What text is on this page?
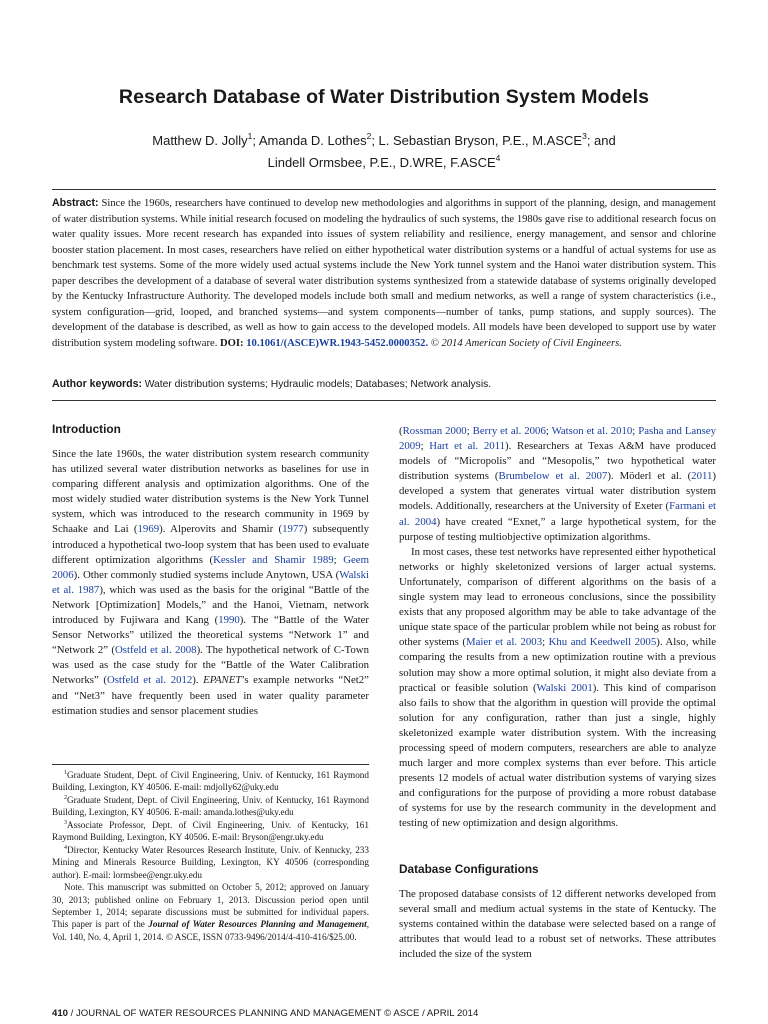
Research Database of Water Distribution System Models
Matthew D. Jolly$^1$; Amanda D. Lothes$^2$; L. Sebastian Bryson, P.E., M.ASCE$^3$; and
Lindell Ormsbee, P.E., D.WRE, F.ASCE$^4$
Abstract: Since the 1960s, researchers have continued to develop new methodologies and algorithms in support of the planning, design, and management of water distribution systems. While initial research focused on modeling the hydraulics of such systems, the 1980s gave rise to additional research focus on water quality issues. More recent research has expanded into issues of system reliability and resilience, energy management, and sensor and chlorine booster station placement. In most cases, researchers have relied on either hypothetical water distribution systems or a handful of actual systems for use as benchmark test systems. Some of the more widely used actual systems include the New York tunnel system and the Hanoi water distribution system. This paper describes the development of a database of several water distribution systems synthesized from a statewide database of systems originally developed by the Kentucky Infrastructure Authority. The developed models include both small and medium networks, as well a range of system characteristics (i.e., system configuration—grid, looped, and branched systems—and system components—number of tanks, pump stations, and supply sources). The development of the database is described, as well as how to gain access to the developed models. All models have been developed to support use by water distribution system modeling software. DOI: 10.1061/(ASCE)WR.1943-5452.0000352. © 2014 American Society of Civil Engineers.
Author keywords: Water distribution systems; Hydraulic models; Databases; Network analysis.
Introduction

Since the late 1960s, the water distribution system research community has utilized several water distribution networks as baselines for use in comparing different analysis and optimization algorithms. One of the most widely studied water distribution systems is the New York Tunnel system, which was introduced to the research community in 1969 by Schaake and Lai (1969). Alperovits and Shamir (1977) subsequently introduced a hypothetical two-loop system that has been used to evaluate different optimization algorithms (Kessler and Shamir 1989; Geem 2006). Other commonly studied systems include Anytown, USA (Walski et al. 1987), which was used as the basis for the original “Battle of the Network [Optimization] Models,” and the Hanoi, Vietnam, network introduced by Fujiwara and Kang (1990). The “Battle of the Water Sensor Networks” utilized the theoretical systems “Network 1” and “Network 2” (Ostfeld et al. 2008). The hypothetical network of C-Town was used as the case study for the “Battle of the Water Calibration Networks” (Ostfeld et al. 2012). EPANET’s example networks “Net2” and “Net3” have frequently been used in water quality parameter estimation studies and sensor placement studies

$^1$Graduate Student, Dept. of Civil Engineering, Univ. of Kentucky, 161 Raymond Building, Lexington, KY 40506. E-mail: mdjolly62@uky.edu

$^2$Graduate Student, Dept. of Civil Engineering, Univ. of Kentucky, 161 Raymond Building, Lexington, KY 40506. E-mail: amanda.lothes@uky.edu

$^3$Associate Professor, Dept. of Civil Engineering, Univ. of Kentucky, 161 Raymond Building, Lexington, KY 40506. E-mail: Bryson@engr.uky.edu

$^4$Director, Kentucky Water Resources Research Institute, Univ. of Kentucky, 233 Mining and Minerals Resource Building, Lexington, KY 40506 (corresponding author). E-mail: lormsbee@engr.uky.edu

Note. This manuscript was submitted on October 5, 2012; approved on January 30, 2013; published online on February 1, 2013. Discussion period open until September 1, 2014; separate discussions must be submitted for individual papers. This paper is part of the Journal of Water Resources Planning and Management, Vol. 140, No. 4, April 1, 2014. © ASCE, ISSN 0733-9496/2014/4-410-416/$25.00.

(Rossman 2000; Berry et al. 2006; Watson et al. 2010; Pasha and Lansey 2009; Hart et al. 2011). Researchers at Texas A&M have produced models of “Micropolis” and “Mesopolis,” two hypothetical water distribution systems (Brumbelow et al. 2007). Möderl et al. (2011) developed a system that generates virtual water distribution system models. Additionally, researchers at the University of Exeter (Farmani et al. 2004) have created “Exnet,” a large hypothetical system, for the purpose of testing multiobjective optimization algorithms.

In most cases, these test networks have represented either hypothetical networks or highly skeletonized versions of larger actual systems. Unfortunately, comparison of different algorithms on the basis of a single system may lead to erroneous conclusions, since the possibility exists that any proposed algorithm may be able to take advantage of the unique state space of the particular problem while not being as robust for other systems (Maier et al. 2003; Khu and Keedwell 2005). Also, while comparing the results from a new optimization routine with a previous solution may show a more optimal solution, it might also deviate from a practical or feasible solution (Walski 2001). This kind of comparison also fails to show that the algorithm in question will provide the optimal solution for any configuration, rather than just a single, highly skeletonized example water distribution system. With the increasing processing speed of modern computers, researchers are able to analyze much larger and more complex systems than ever before. This article presents 12 models of actual water distribution systems of varying sizes and configurations for the purpose of providing a more robust database of systems for use by the research community in the development and testing of new optimization and design algorithms.

Database Configurations

The proposed database consists of 12 different networks developed from several small and medium actual systems in the state of Kentucky. The systems contained within the database were selected based on a range of attributes that would lead to a robust set of networks. These attributes included the size of the system

410 / JOURNAL OF WATER RESOURCES PLANNING AND MANAGEMENT © ASCE / APRIL 2014
